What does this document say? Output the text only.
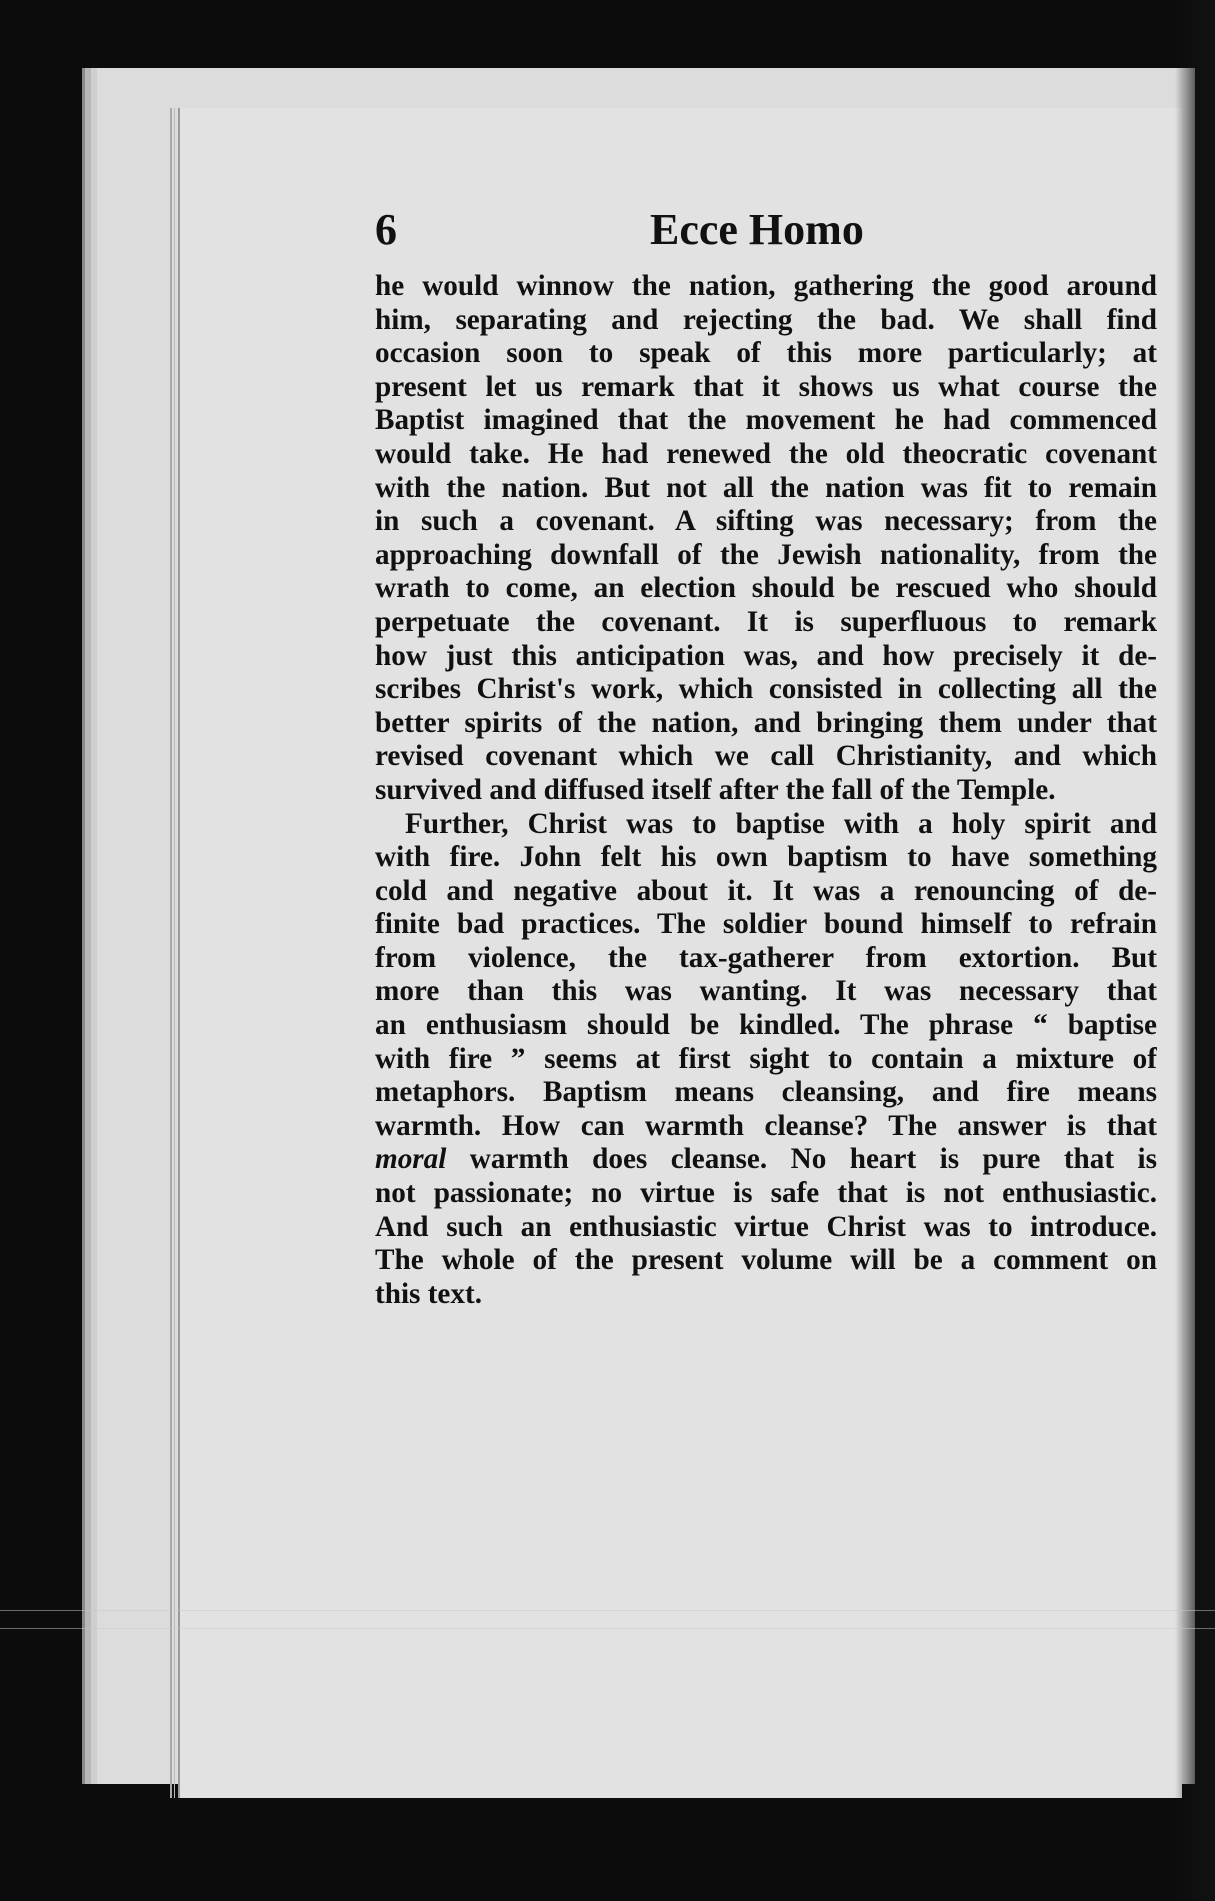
6	Ecce Homo
he would winnow the nation, gathering the good around
him, separating and rejecting the bad. We shall find
occasion soon to speak of this more particularly; at
present let us remark that it shows us what course the
Baptist imagined that the movement he had commenced
would take. He had renewed the old theocratic covenant
with the nation. But not all the nation was fit to remain
in such a covenant. A sifting was necessary; from the
approaching downfall of the Jewish nationality, from the
wrath to come, an election should be rescued who should
perpetuate the covenant. It is superfluous to remark
how just this anticipation was, and how precisely it de-
scribes Christ's work, which consisted in collecting all the
better spirits of the nation, and bringing them under that
revised covenant which we call Christianity, and which
survived and diffused itself after the fall of the Temple.
Further, Christ was to baptise with a holy spirit and
with fire. John felt his own baptism to have something
cold and negative about it. It was a renouncing of de-
finite bad practices. The soldier bound himself to refrain
from violence, the tax-gatherer from extortion. But
more than this was wanting. It was necessary that
an enthusiasm should be kindled. The phrase “ baptise
with fire ” seems at first sight to contain a mixture of
metaphors. Baptism means cleansing, and fire means
warmth. How can warmth cleanse? The answer is that
moral warmth does cleanse. No heart is pure that is
not passionate; no virtue is safe that is not enthusiastic.
And such an enthusiastic virtue Christ was to introduce.
The whole of the present volume will be a comment on
this text.
